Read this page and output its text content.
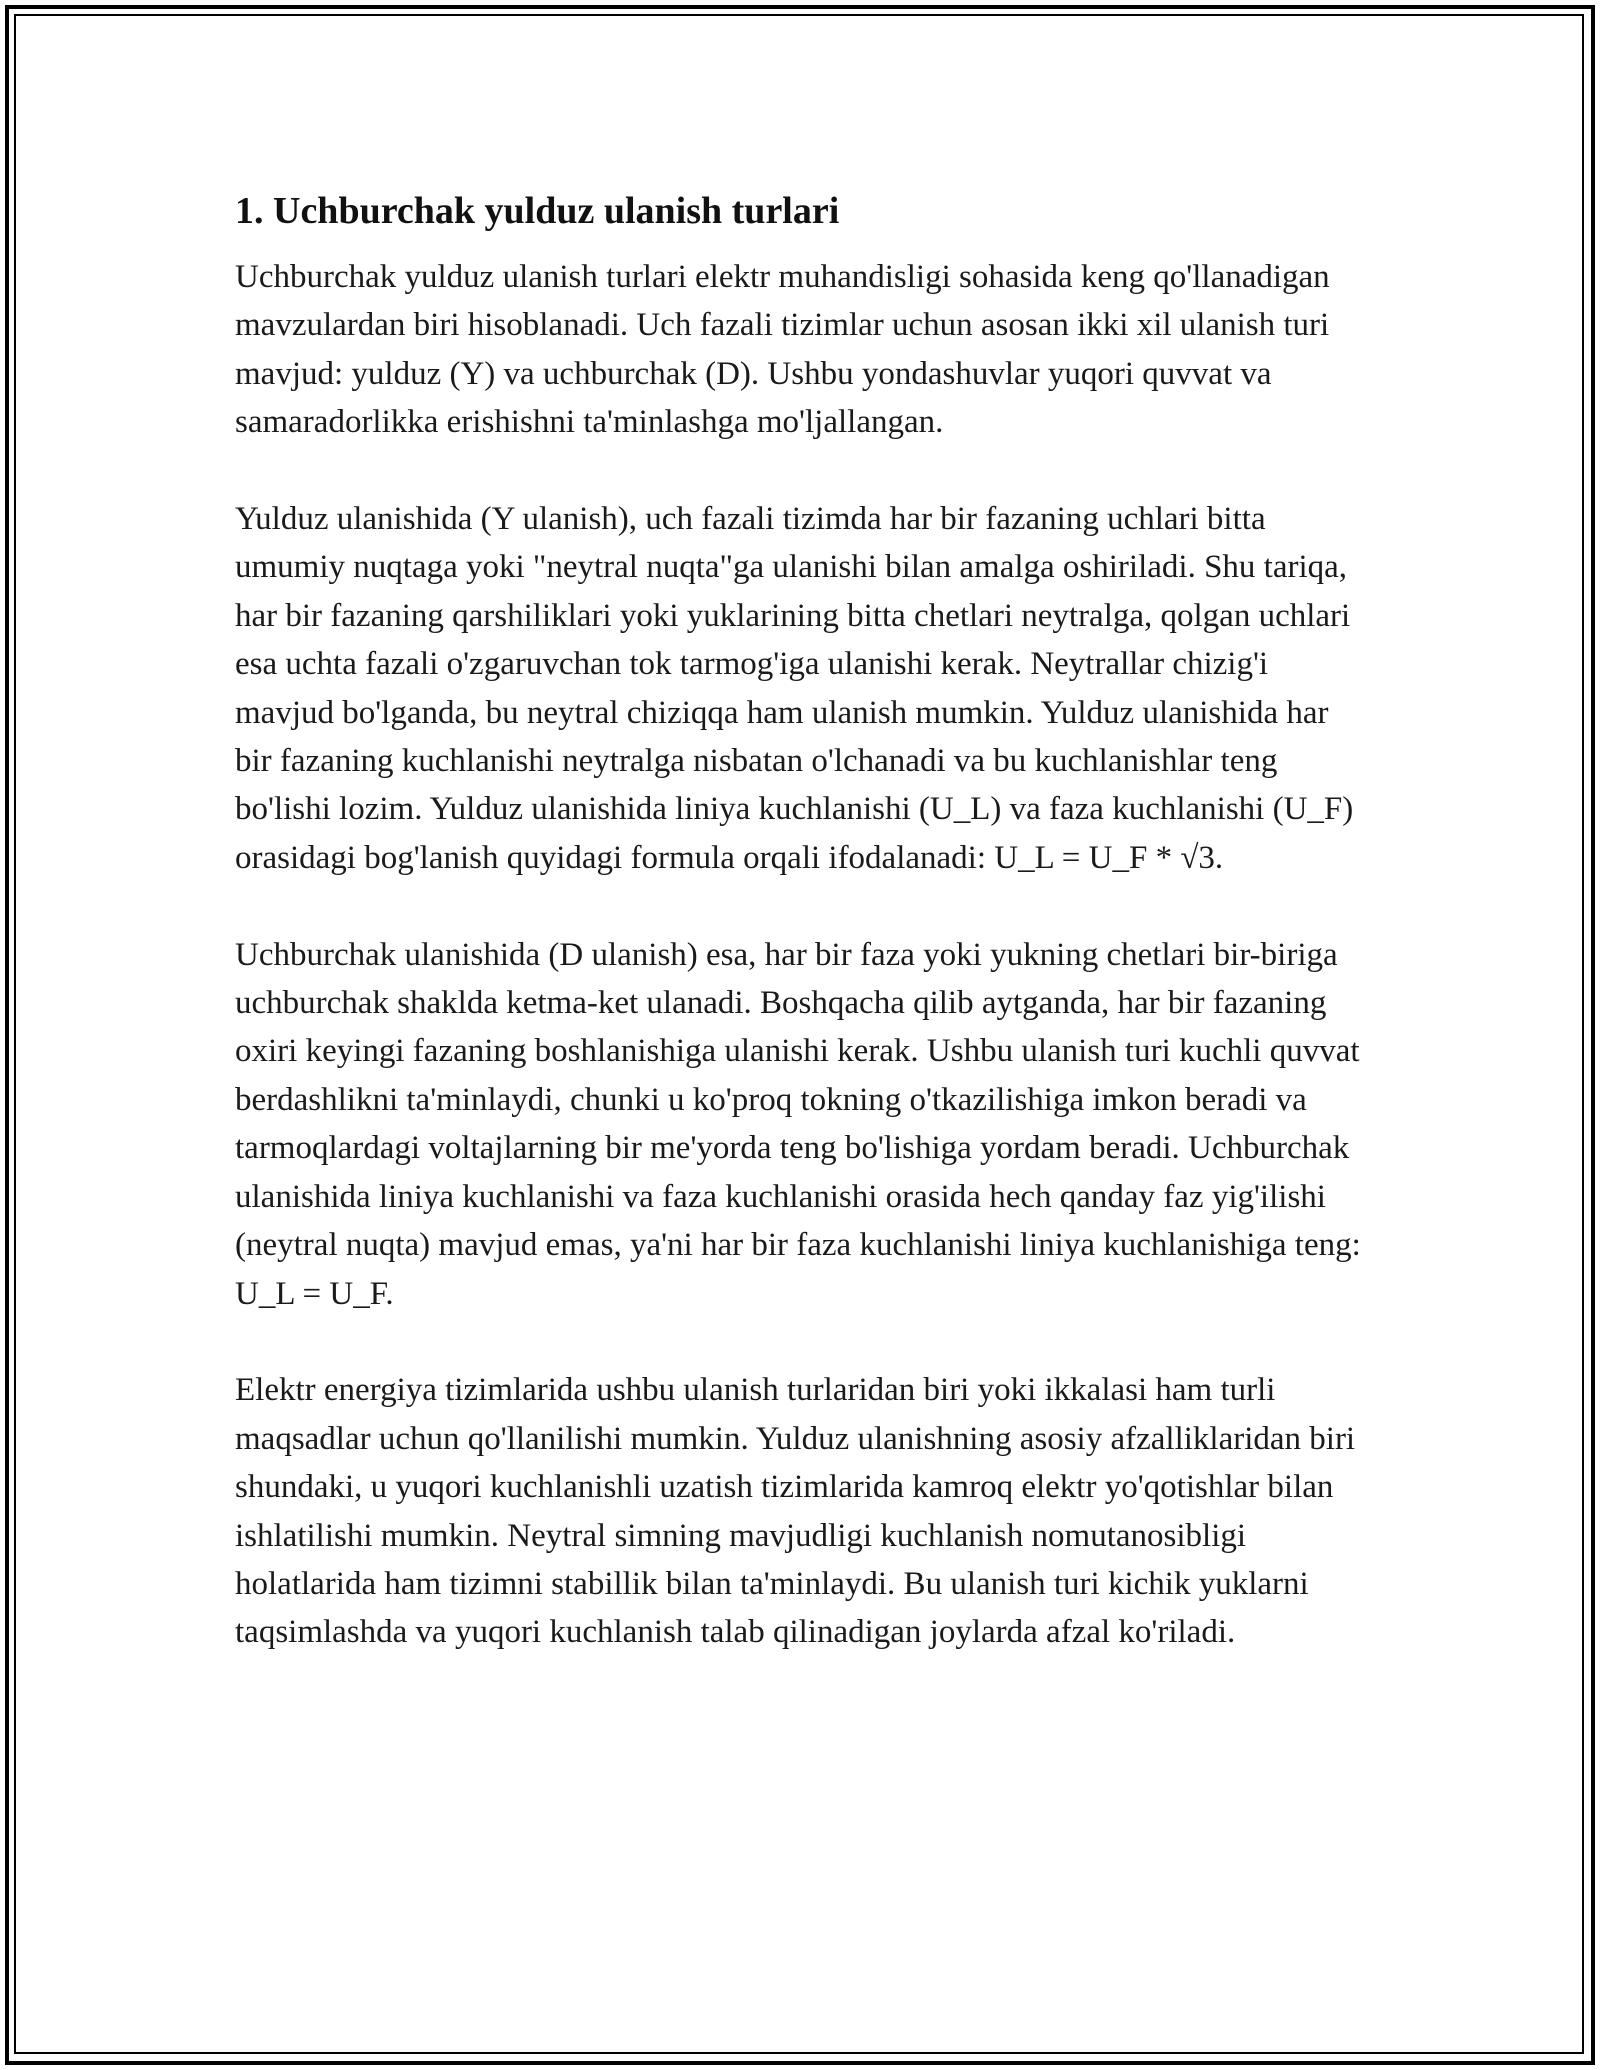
1. Uchburchak yulduz ulanish turlari

Uchburchak yulduz ulanish turlari elektr muhandisligi sohasida keng qo'llanadigan mavzulardan biri hisoblanadi. Uch fazali tizimlar uchun asosan ikki xil ulanish turi mavjud: yulduz (Y) va uchburchak (D). Ushbu yondashuvlar yuqori quvvat va samaradorlikka erishishni ta'minlashga mo'ljallangan.

Yulduz ulanishida (Y ulanish), uch fazali tizimda har bir fazaning uchlari bitta umumiy nuqtaga yoki "neytral nuqta"ga ulanishi bilan amalga oshiriladi. Shu tariqa, har bir fazaning qarshiliklari yoki yuklarining bitta chetlari neytralga, qolgan uchlari esa uchta fazali o'zgaruvchan tok tarmog'iga ulanishi kerak. Neytrallar chizig'i mavjud bo'lganda, bu neytral chiziqqa ham ulanish mumkin. Yulduz ulanishida har bir fazaning kuchlanishi neytralga nisbatan o'lchanadi va bu kuchlanishlar teng bo'lishi lozim. Yulduz ulanishida liniya kuchlanishi (U_L) va faza kuchlanishi (U_F) orasidagi bog'lanish quyidagi formula orqali ifodalanadi: U_L = U_F * √3.

Uchburchak ulanishida (D ulanish) esa, har bir faza yoki yukning chetlari bir-biriga uchburchak shakldа ketma-ket ulanadi. Boshqacha qilib aytganda, har bir fazaning oxiri keyingi fazaning boshlanishiga ulanishi kerak. Ushbu ulanish turi kuchli quvvat berdashlikni ta'minlaydi, chunki u ko'proq tokning o'tkazilishiga imkon beradi va tarmoqlardagi voltajlarning bir me'yorda teng bo'lishiga yordam beradi. Uchburchak ulanishida liniya kuchlanishi va faza kuchlanishi orasida hech qanday faz yig'ilishi (neytral nuqta) mavjud emas, ya'ni har bir faza kuchlanishi liniya kuchlanishiga teng: U_L = U_F.

Elektr energiya tizimlarida ushbu ulanish turlaridan biri yoki ikkalasi ham turli maqsadlar uchun qo'llanilishi mumkin. Yulduz ulanishning asosiy afzalliklaridan biri shundaki, u yuqori kuchlanishli uzatish tizimlarida kamroq elektr yo'qotishlar bilan ishlatilishi mumkin. Neytral simning mavjudligi kuchlanish nomutanosibligi holatlarida ham tizimni stabillik bilan ta'minlaydi. Bu ulanish turi kichik yuklarni taqsimlashda va yuqori kuchlanish talab qilinadigan joylarda afzal ko'riladi.
